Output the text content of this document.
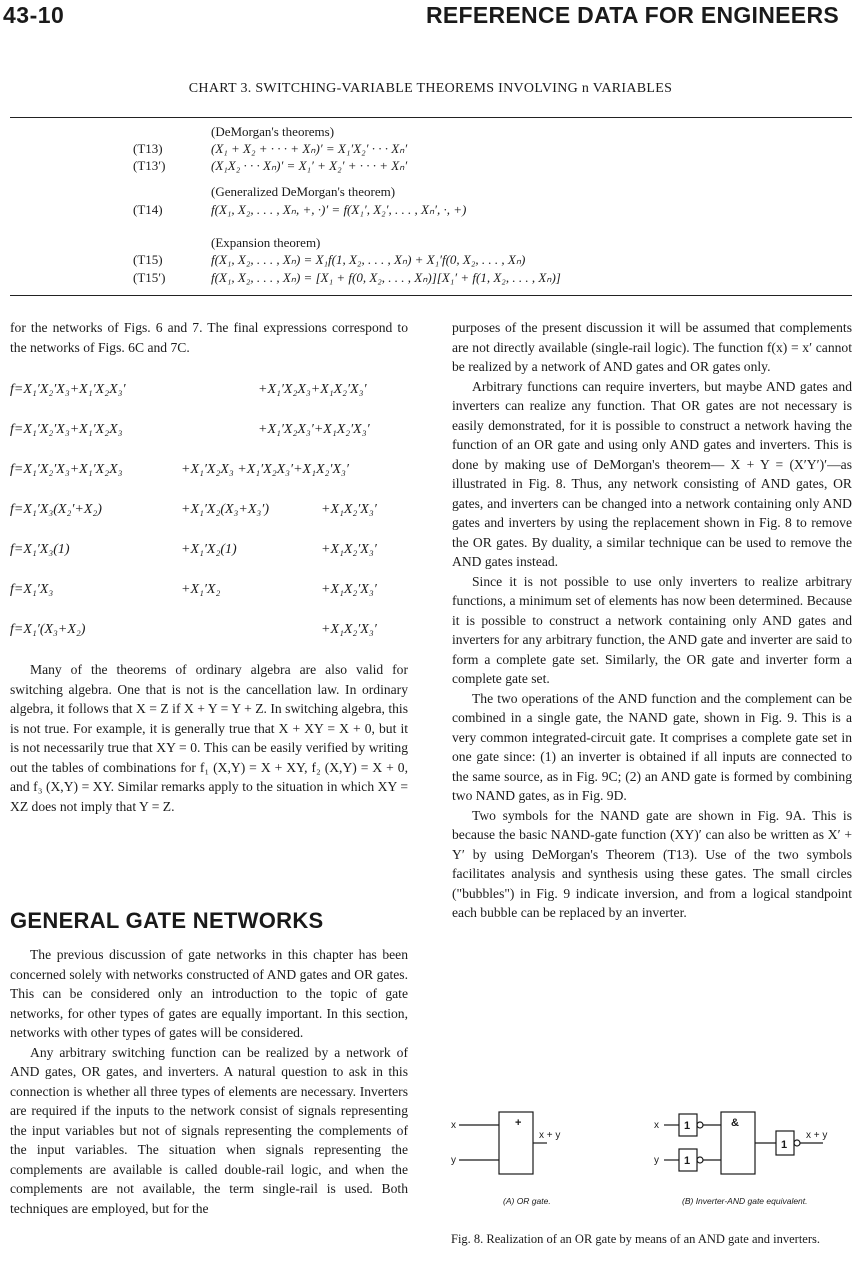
43-10	REFERENCE DATA FOR ENGINEERS
CHART 3. SWITCHING-VARIABLE THEOREMS INVOLVING n VARIABLES
(DeMorgan's theorems)
(T13)	(X₁ + X₂ + · · · + Xₙ)′ = X₁′X₂′ · · · Xₙ′
(T13′)	(X₁X₂ · · · Xₙ)′ = X₁′ + X₂′ + · · · + Xₙ′
(Generalized DeMorgan's theorem)
(T14)	f(X₁, X₂, . . . , Xₙ, +, ·)′ = f(X₁′, X₂′, . . . , Xₙ′, ·, +)
(Expansion theorem)
(T15)	f(X₁, X₂, . . . , Xₙ) = X₁f(1, X₂, . . . , Xₙ) + X₁′f(0, X₂, . . . , Xₙ)
(T15′)	f(X₁, X₂, . . . , Xₙ) = [X₁ + f(0, X₂, . . . , Xₙ)][X₁′ + f(1, X₂, . . . , Xₙ)]

for the networks of Figs. 6 and 7. The final expressions correspond to the networks of Figs. 6C and 7C.

f=X₁′X₂′X₃+X₁′X₂X₃′	+X₁′X₂X₃+X₁X₂′X₃′
f=X₁′X₂′X₃+X₁′X₂X₃	+X₁′X₂X₃′+X₁X₂′X₃′
f=X₁′X₂′X₃+X₁′X₂X₃	+X₁′X₂X₃ +X₁′X₂X₃′+X₁X₂′X₃′
f=X₁′X₃(X₂′+X₂)	+X₁′X₂(X₃+X₃′)	+X₁X₂′X₃′
f=X₁′X₃(1)	+X₁′X₂(1)	+X₁X₂′X₃′
f=X₁′X₃	+X₁′X₂	+X₁X₂′X₃′
f=X₁′(X₃+X₂)	+X₁X₂′X₃′

Many of the theorems of ordinary algebra are also valid for switching algebra. One that is not is the cancellation law. In ordinary algebra, it follows that X = Z if X + Y = Y + Z. In switching algebra, this is not true. For example, it is generally true that X + XY = X + 0, but it is not necessarily true that XY = 0. This can be easily verified by writing out the tables of combinations for f₁ (X,Y) = X + XY, f₂ (X,Y) = X + 0, and f₃ (X,Y) = XY. Similar remarks apply to the situation in which XY = XZ does not imply that Y = Z.

GENERAL GATE NETWORKS

The previous discussion of gate networks in this chapter has been concerned solely with networks constructed of AND gates and OR gates. This can be considered only an introduction to the topic of gate networks, for other types of gates are equally important. In this section, networks with other types of gates will be considered.

Any arbitrary switching function can be realized by a network of AND gates, OR gates, and inverters. A natural question to ask in this connection is whether all three types of elements are necessary. Inverters are required if the inputs to the network consist of signals representing the input variables but not of signals representing the complements of the input variables. The situation when signals representing the complements are available is called double-rail logic, and when the complements are not available, the term single-rail is used. Both techniques are employed, but for the

purposes of the present discussion it will be assumed that complements are not directly available (single-rail logic). The function f(x) = x′ cannot be realized by a network of AND gates and OR gates only.

Arbitrary functions can require inverters, but maybe AND gates and inverters can realize any function. That OR gates are not necessary is easily demonstrated, for it is possible to construct a network having the function of an OR gate and using only AND gates and inverters. This is done by making use of DeMorgan's theorem— X + Y = (X′Y′)′—as illustrated in Fig. 8. Thus, any network consisting of AND gates, OR gates, and inverters can be changed into a network containing only AND gates and inverters by using the replacement shown in Fig. 8 to remove the OR gates. By duality, a similar technique can be used to remove the AND gates instead.

Since it is not possible to use only inverters to realize arbitrary functions, a minimum set of elements has now been determined. Because it is possible to construct a network containing only AND gates and inverters for any arbitrary function, the AND gate and inverter are said to form a complete gate set. Similarly, the OR gate and inverter form a complete gate set.

The two operations of the AND function and the complement can be combined in a single gate, the NAND gate, shown in Fig. 9. This is a very common integrated-circuit gate. It comprises a complete gate set in one gate since: (1) an inverter is obtained if all inputs are connected to the same source, as in Fig. 9C; (2) an AND gate is formed by combining two NAND gates, as in Fig. 9D.

Two symbols for the NAND gate are shown in Fig. 9A. This is because the basic NAND-gate function (XY)′ can also be written as X′ + Y′ by using DeMorgan's Theorem (T13). Use of the two symbols facilitates analysis and synthesis using these gates. The small circles ("bubbles") in Fig. 9 indicate inversion, and from a logical standpoint each bubble can be replaced by an inverter.

x
y
+
x + y
x
y
1
1
&
1
x + y
(A) OR gate.	(B) Inverter-AND gate equivalent.
Fig. 8. Realization of an OR gate by means of an AND gate and inverters.
